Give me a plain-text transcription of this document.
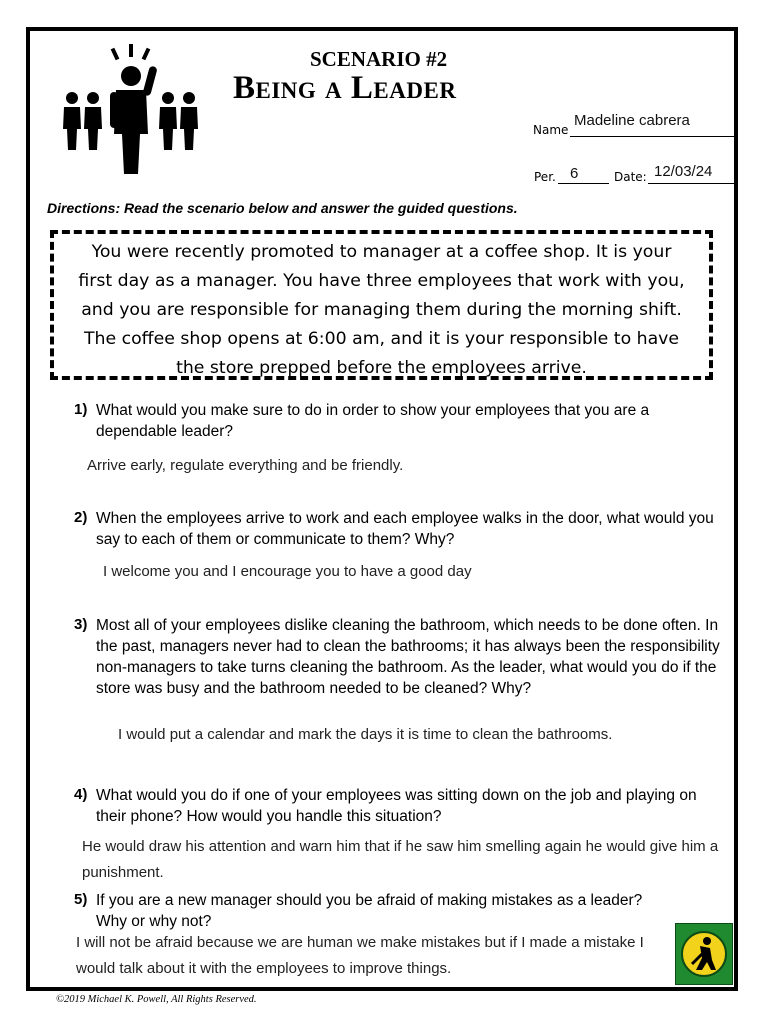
SCENARIO #2
Being a Leader
Name
Madeline cabrera
Per. 6	Date: 12/03/24
Directions: Read the scenario below and answer the guided questions.
You were recently promoted to manager at a coffee shop. It is your
first day as a manager. You have three employees that work with you,
and you are responsible for managing them during the morning shift.
The coffee shop opens at 6:00 am, and it is your responsible to have
the store prepped before the employees arrive.
1) What would you make sure to do in order to show your employees that you are a dependable leader?
Arrive early, regulate everything and be friendly.
2) When the employees arrive to work and each employee walks in the door, what would you say to each of them or communicate to them? Why?
I welcome you and I encourage you to have a good day
3) Most all of your employees dislike cleaning the bathroom, which needs to be done often. In the past, managers never had to clean the bathrooms; it has always been the responsibility non-managers to take turns cleaning the bathroom. As the leader, what would you do if the store was busy and the bathroom needed to be cleaned? Why?
I would put a calendar and mark the days it is time to clean the bathrooms.
4) What would you do if one of your employees was sitting down on the job and playing on their phone? How would you handle this situation?
He would draw his attention and warn him that if he saw him smelling again he would give him a punishment.
5) If you are a new manager should you be afraid of making mistakes as a leader? Why or why not?
I will not be afraid because we are human we make mistakes but if I made a mistake I would talk about it with the employees to improve things.
©2019 Michael K. Powell, All Rights Reserved.
